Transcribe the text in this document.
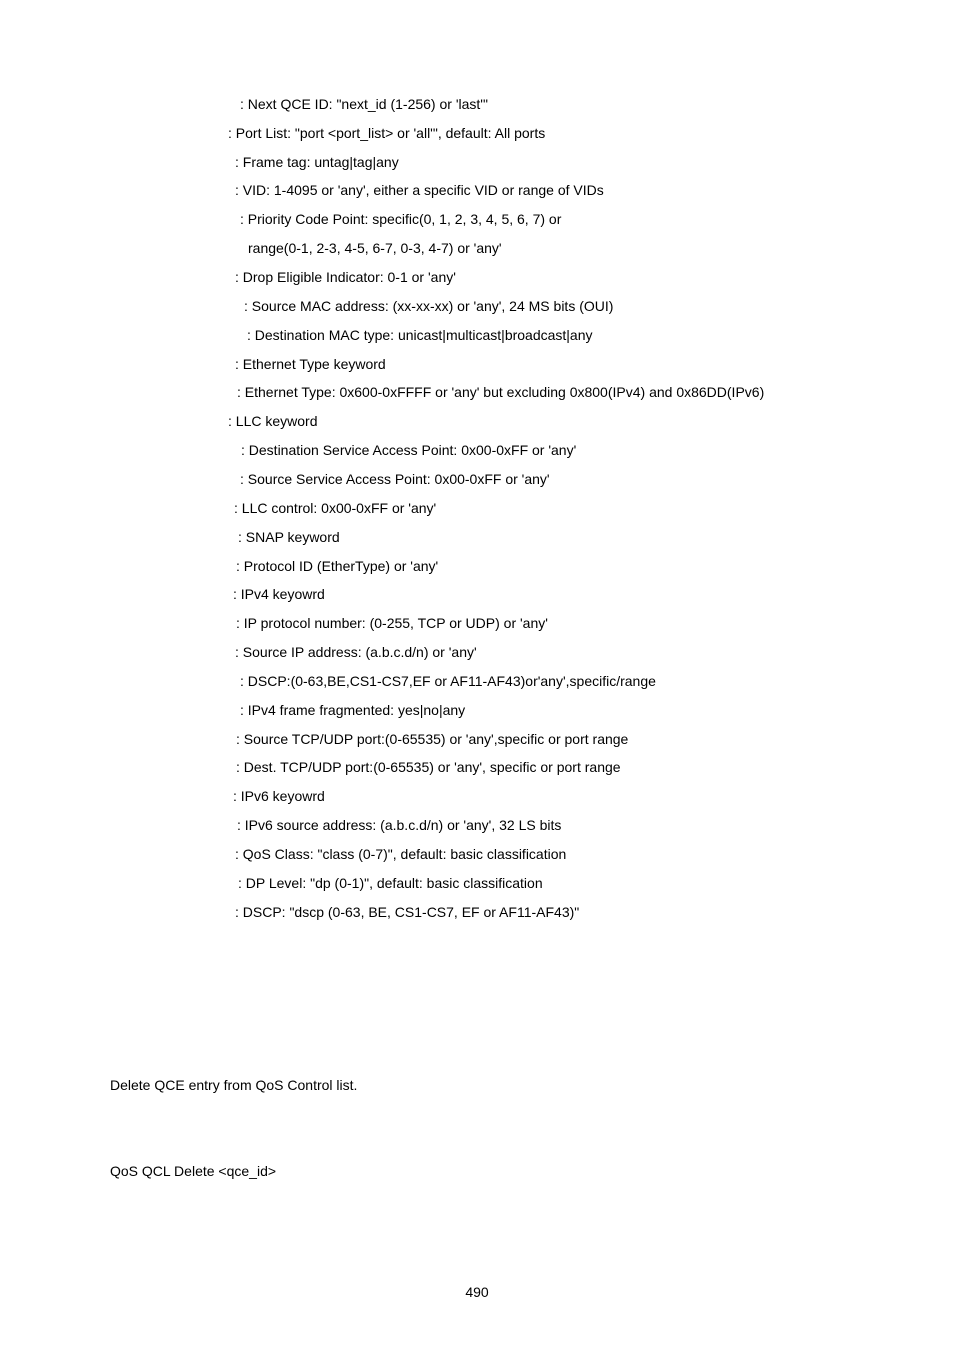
: Next QCE ID: "next_id (1-256) or 'last'"
: Port List: "port <port_list> or 'all'", default: All ports
: Frame tag: untag|tag|any
: VID: 1-4095 or 'any', either a specific VID or range of VIDs
: Priority Code Point: specific(0, 1, 2, 3, 4, 5, 6, 7) or
range(0-1, 2-3, 4-5, 6-7, 0-3, 4-7) or 'any'
: Drop Eligible Indicator: 0-1 or 'any'
: Source MAC address: (xx-xx-xx) or 'any', 24 MS bits (OUI)
: Destination MAC type: unicast|multicast|broadcast|any
: Ethernet Type keyword
: Ethernet Type: 0x600-0xFFFF or 'any' but excluding 0x800(IPv4) and 0x86DD(IPv6)
: LLC keyword
: Destination Service Access Point: 0x00-0xFF or 'any'
: Source Service Access Point: 0x00-0xFF or 'any'
: LLC control: 0x00-0xFF or 'any'
: SNAP keyword
: Protocol ID (EtherType) or 'any'
: IPv4 keyowrd
: IP protocol number: (0-255, TCP or UDP) or 'any'
: Source IP address: (a.b.c.d/n) or 'any'
: DSCP:(0-63,BE,CS1-CS7,EF or AF11-AF43)or'any',specific/range
: IPv4 frame fragmented: yes|no|any
: Source TCP/UDP port:(0-65535) or 'any',specific or port range
: Dest. TCP/UDP port:(0-65535) or 'any', specific or port range
: IPv6 keyowrd
: IPv6 source address: (a.b.c.d/n) or 'any', 32 LS bits
: QoS Class: "class (0-7)", default: basic classification
: DP Level: "dp (0-1)", default: basic classification
: DSCP: "dscp (0-63, BE, CS1-CS7, EF or AF11-AF43)"
Delete QCE entry from QoS Control list.
QoS QCL Delete <qce_id>
490
